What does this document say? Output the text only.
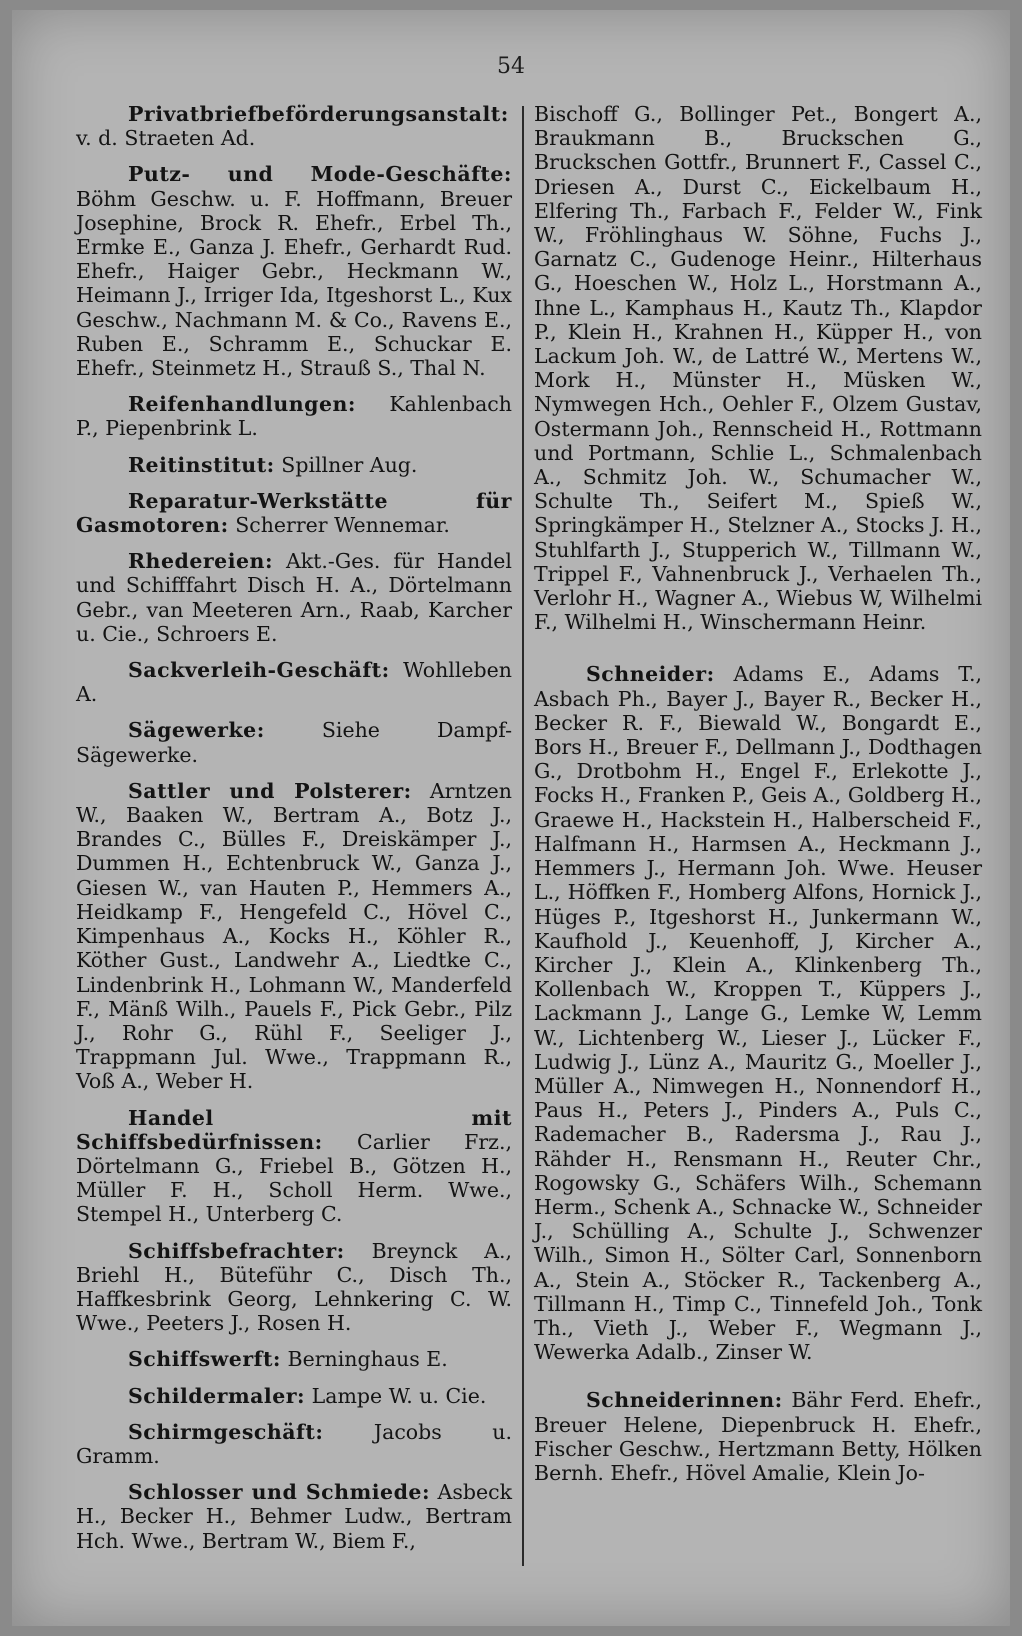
54

Privatbriefbeförderungsanstalt: v. d. Straeten Ad.

Putz- und Mode-Geschäfte: Böhm Geschw. u. F. Hoffmann, Breuer Josephine, Brock R. Ehefr., Erbel Th., Ermke E., Ganza J. Ehefr., Gerhardt Rud. Ehefr., Haiger Gebr., Heckmann W., Heimann J., Irriger Ida, Itgeshorst L., Kux Geschw., Nachmann M. & Co., Ravens E., Ruben E., Schramm E., Schuckar E. Ehefr., Steinmetz H., Strauß S., Thal N.

Reifenhandlungen: Kahlenbach P., Piepenbrink L.

Reitinstitut: Spillner Aug.

Reparatur-Werkstätte für Gasmotoren: Scherrer Wennemar.

Rhedereien: Akt.-Ges. für Handel und Schifffahrt Disch H. A., Dörtelmann Gebr., van Meeteren Arn., Raab, Karcher u. Cie., Schroers E.

Sackverleih-Geschäft: Wohlleben A.

Sägewerke:	Siehe Dampf-Sägewerke.

Sattler und Polsterer: Arntzen W., Baaken W., Bertram A., Botz J., Brandes C., Bülles F., Dreiskämper J., Dummen H., Echtenbruck W., Ganza J., Giesen W., van Hauten P., Hemmers A., Heidkamp F., Hengefeld C., Hövel C., Kimpenhaus A., Kocks H., Köhler R., Köther Gust., Landwehr A., Liedtke C., Lindenbrink H., Lohmann W., Manderfeld F., Mänß Wilh., Pauels F., Pick Gebr., Pilz J., Rohr G., Rühl F., Seeliger J., Trappmann Jul. Wwe., Trappmann R., Voß A., Weber H.

Handel mit Schiffsbedürfnissen: Carlier Frz., Dörtelmann G., Friebel B., Götzen H., Müller F. H., Scholl Herm. Wwe., Stempel H., Unterberg C.

Schiffsbefrachter: Breynck A., Briehl H., Büteführ C., Disch Th., Haffkesbrink Georg, Lehnkering C. W. Wwe., Peeters J., Rosen H.

Schiffswerft: Berninghaus E.

Schildermaler: Lampe W. u. Cie.

Schirmgeschäft: Jacobs u. Gramm.

Schlosser und Schmiede: Asbeck H., Becker H., Behmer Ludw., Bertram Hch. Wwe., Bertram W., Biem F.,

Bischoff G., Bollinger Pet., Bongert A., Braukmann B., Bruckschen G., Bruckschen Gottfr., Brunnert F., Cassel C., Driesen A., Durst C., Eickelbaum H., Elfering Th., Farbach F., Felder W., Fink W., Fröhlinghaus W. Söhne, Fuchs J., Garnatz C., Gudenoge Heinr., Hilterhaus G., Hoeschen W., Holz L., Horstmann A., Ihne L., Kamphaus H., Kautz Th., Klapdor P., Klein H., Krahnen H., Küpper H., von Lackum Joh. W., de Lattré W., Mertens W., Mork H., Münster H., Müsken W., Nymwegen Hch., Oehler F., Olzem Gustav, Ostermann Joh., Rennscheid H., Rottmann und Portmann, Schlie L., Schmalenbach A., Schmitz Joh. W., Schumacher W., Schulte Th., Seifert M., Spieß W., Springkämper H., Stelzner A., Stocks J. H., Stuhlfarth J., Stupperich W., Tillmann W., Trippel F., Vahnenbruck J., Verhaelen Th., Verlohr H., Wagner A., Wiebus W, Wilhelmi F., Wilhelmi H., Winschermann Heinr.

Schneider: Adams E., Adams T., Asbach Ph., Bayer J., Bayer R., Becker H., Becker R. F., Biewald W., Bongardt E., Bors H., Breuer F., Dellmann J., Dodthagen G., Drotbohm H., Engel F., Erlekotte J., Focks H., Franken P., Geis A., Goldberg H., Graewe H., Hackstein H., Halberscheid F., Halfmann H., Harmsen A., Heckmann J., Hemmers J., Hermann Joh. Wwe. Heuser L., Höffken F., Homberg Alfons, Hornick J., Hüges P., Itgeshorst H., Junkermann W., Kaufhold J., Keuenhoff, J, Kircher A., Kircher J., Klein A., Klinkenberg Th., Kollenbach W., Kroppen T., Küppers J., Lackmann J., Lange G., Lemke W, Lemm W., Lichtenberg W., Lieser J., Lücker F., Ludwig J., Lünz A., Mauritz G., Moeller J., Müller A., Nimwegen H., Nonnendorf H., Paus H., Peters J., Pinders A., Puls C., Rademacher B., Radersma J., Rau J., Rähder H., Rensmann H., Reuter Chr., Rogowsky G., Schäfers Wilh., Schemann Herm., Schenk A., Schnacke W., Schneider J., Schülling A., Schulte J., Schwenzer Wilh., Simon H., Sölter Carl, Sonnenborn A., Stein A., Stöcker R., Tackenberg A., Tillmann H., Timp C., Tinnefeld Joh., Tonk Th., Vieth J., Weber F., Wegmann J., Wewerka Adalb., Zinser W.

Schneiderinnen: Bähr Ferd. Ehefr., Breuer Helene, Diepenbruck H. Ehefr., Fischer Geschw., Hertzmann Betty, Hölken Bernh. Ehefr., Hövel Amalie, Klein Jo-
